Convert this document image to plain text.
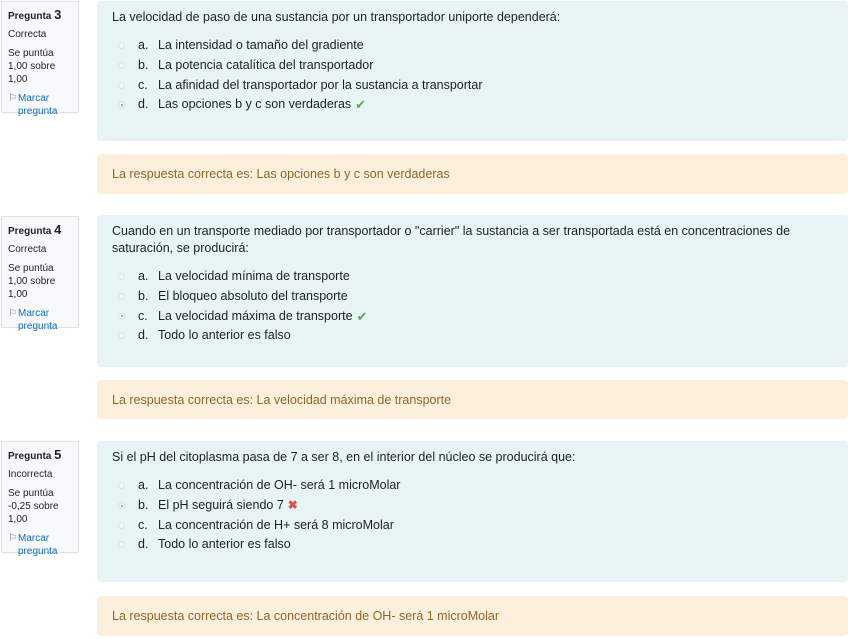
Pregunta 3
Correcta
Se puntúa 1,00 sobre 1,00
⚐ Marcar pregunta
La velocidad de paso de una sustancia por un transportador uniporte dependerá:
a. La intensidad o tamaño del gradiente
b. La potencia catalítica del transportador
c. La afinidad del transportador por la sustancia a transportar
d. Las opciones b y c son verdaderas ✔
La respuesta correcta es: Las opciones b y c son verdaderas
Pregunta 4
Correcta
Se puntúa 1,00 sobre 1,00
⚐ Marcar pregunta
Cuando en un transporte mediado por transportador o "carrier" la sustancia a ser transportada está en concentraciones de saturación, se producirá:
a. La velocidad mínima de transporte
b. El bloqueo absoluto del transporte
c. La velocidad máxima de transporte ✔
d. Todo lo anterior es falso
La respuesta correcta es: La velocidad máxima de transporte
Pregunta 5
Incorrecta
Se puntúa -0,25 sobre 1,00
⚐ Marcar pregunta
Si el pH del citoplasma pasa de 7 a ser 8, en el interior del núcleo se producirá que:
a. La concentración de OH- será 1 microMolar
b. El pH seguirá siendo 7 ✖
c. La concentración de H+ será 8 microMolar
d. Todo lo anterior es falso
La respuesta correcta es: La concentración de OH- será 1 microMolar
